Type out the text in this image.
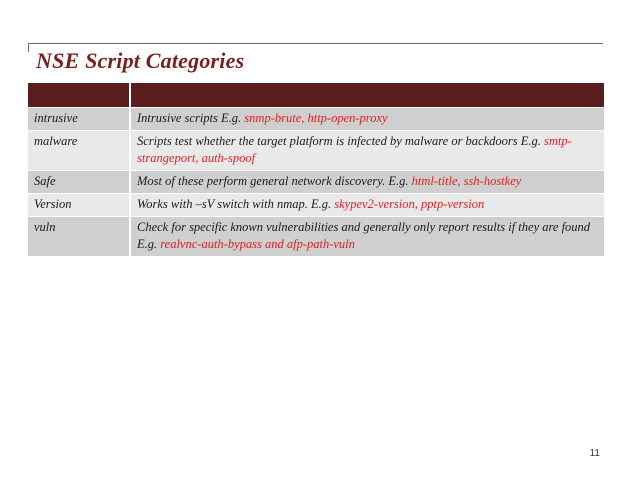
NSE Script Categories

intrusive	Intrusive scripts E.g. snmp-brute, http-open-proxy
malware	Scripts test whether the target platform is infected by malware or backdoors E.g. smtp-strangeport, auth-spoof
Safe	Most of these perform general network discovery. E.g. html-title, ssh-hostkey
Version	Works with –sV switch with nmap. E.g. skypev2-version, pptp-version
vuln	Check for specific known vulnerabilities and generally only report results if they are found E.g. realvnc-auth-bypass and afp-path-vuln
11
